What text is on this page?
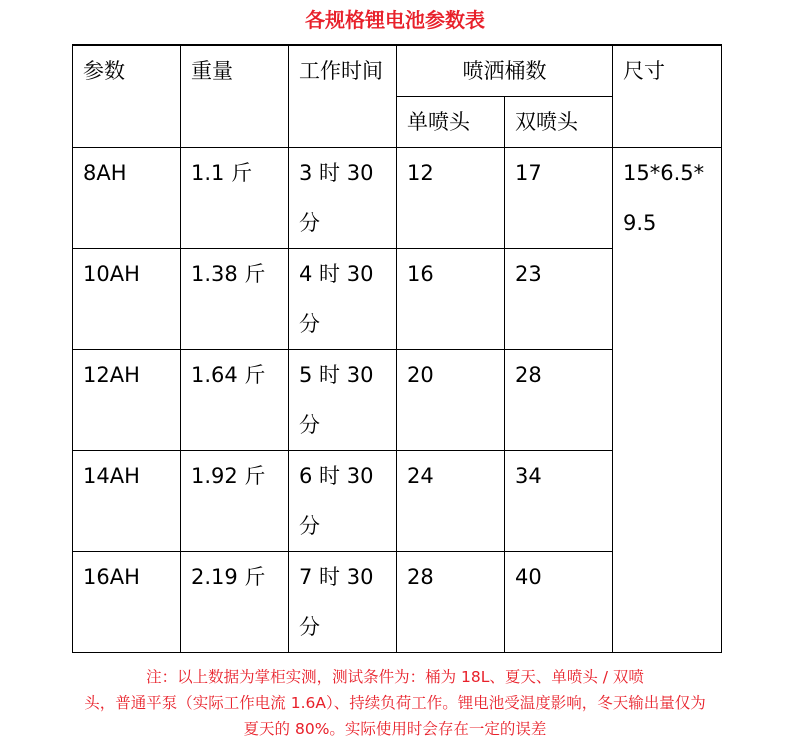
各规格锂电池参数表
参数	重量	工作时间	喷洒桶数		尺寸
			单喷头	双喷头	
8AH	1.1 斤	3 时 30 分	12	17	15*6.5*9.5
10AH	1.38 斤	4 时 30 分	16	23	
12AH	1.64 斤	5 时 30 分	20	28	
14AH	1.92 斤	6 时 30 分	24	34	
16AH	2.19 斤	7 时 30 分	28	40	
注：以上数据为掌柜实测，测试条件为：桶为 18L、夏天、单喷头 / 双喷
头，普通平泵（实际工作电流 1.6A）、持续负荷工作。锂电池受温度影响，冬天输出量仅为
夏天的 80%。实际使用时会存在一定的误差
